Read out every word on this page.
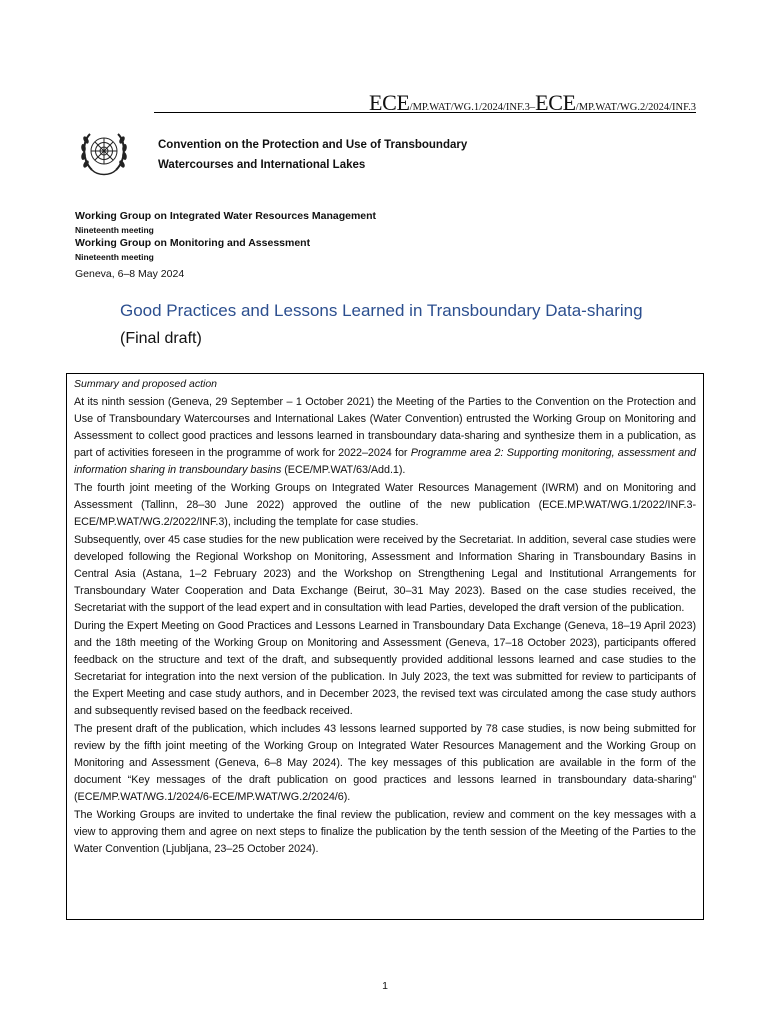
ECE/MP.WAT/WG.1/2024/INF.3–ECE/MP.WAT/WG.2/2024/INF.3
Convention on the Protection and Use of Transboundary
Watercourses and International Lakes
Working Group on Integrated Water Resources Management
Nineteenth meeting
Working Group on Monitoring and Assessment
Nineteenth meeting
Geneva, 6–8 May 2024
Good Practices and Lessons Learned in Transboundary Data-sharing
(Final draft)
Summary and proposed action

At its ninth session (Geneva, 29 September – 1 October 2021) the Meeting of the Parties to the Convention on the Protection and Use of Transboundary Watercourses and International Lakes (Water Convention) entrusted the Working Group on Monitoring and Assessment to collect good practices and lessons learned in transboundary data-sharing and synthesize them in a publication, as part of activities foreseen in the programme of work for 2022–2024 for Programme area 2: Supporting monitoring, assessment and information sharing in transboundary basins (ECE/MP.WAT/63/Add.1).

The fourth joint meeting of the Working Groups on Integrated Water Resources Management (IWRM) and on Monitoring and Assessment (Tallinn, 28–30 June 2022) approved the outline of the new publication (ECE.MP.WAT/WG.1/2022/INF.3-ECE/MP.WAT/WG.2/2022/INF.3), including the template for case studies.

Subsequently, over 45 case studies for the new publication were received by the Secretariat. In addition, several case studies were developed following the Regional Workshop on Monitoring, Assessment and Information Sharing in Transboundary Basins in Central Asia (Astana, 1–2 February 2023) and the Workshop on Strengthening Legal and Institutional Arrangements for Transboundary Water Cooperation and Data Exchange (Beirut, 30–31 May 2023). Based on the case studies received, the Secretariat with the support of the lead expert and in consultation with lead Parties, developed the draft version of the publication.

During the Expert Meeting on Good Practices and Lessons Learned in Transboundary Data Exchange (Geneva, 18–19 April 2023) and the 18th meeting of the Working Group on Monitoring and Assessment (Geneva, 17–18 October 2023), participants offered feedback on the structure and text of the draft, and subsequently provided additional lessons learned and case studies to the Secretariat for integration into the next version of the publication. In July 2023, the text was submitted for review to participants of the Expert Meeting and case study authors, and in December 2023, the revised text was circulated among the case study authors and subsequently revised based on the feedback received.

The present draft of the publication, which includes 43 lessons learned supported by 78 case studies, is now being submitted for review by the fifth joint meeting of the Working Group on Integrated Water Resources Management and the Working Group on Monitoring and Assessment (Geneva, 6–8 May 2024). The key messages of this publication are available in the form of the document “Key messages of the draft publication on good practices and lessons learned in transboundary data-sharing” (ECE/MP.WAT/WG.1/2024/6-ECE/MP.WAT/WG.2/2024/6).

The Working Groups are invited to undertake the final review the publication, review and comment on the key messages with a view to approving them and agree on next steps to finalize the publication by the tenth session of the Meeting of the Parties to the Water Convention (Ljubljana, 23–25 October 2024).

1
